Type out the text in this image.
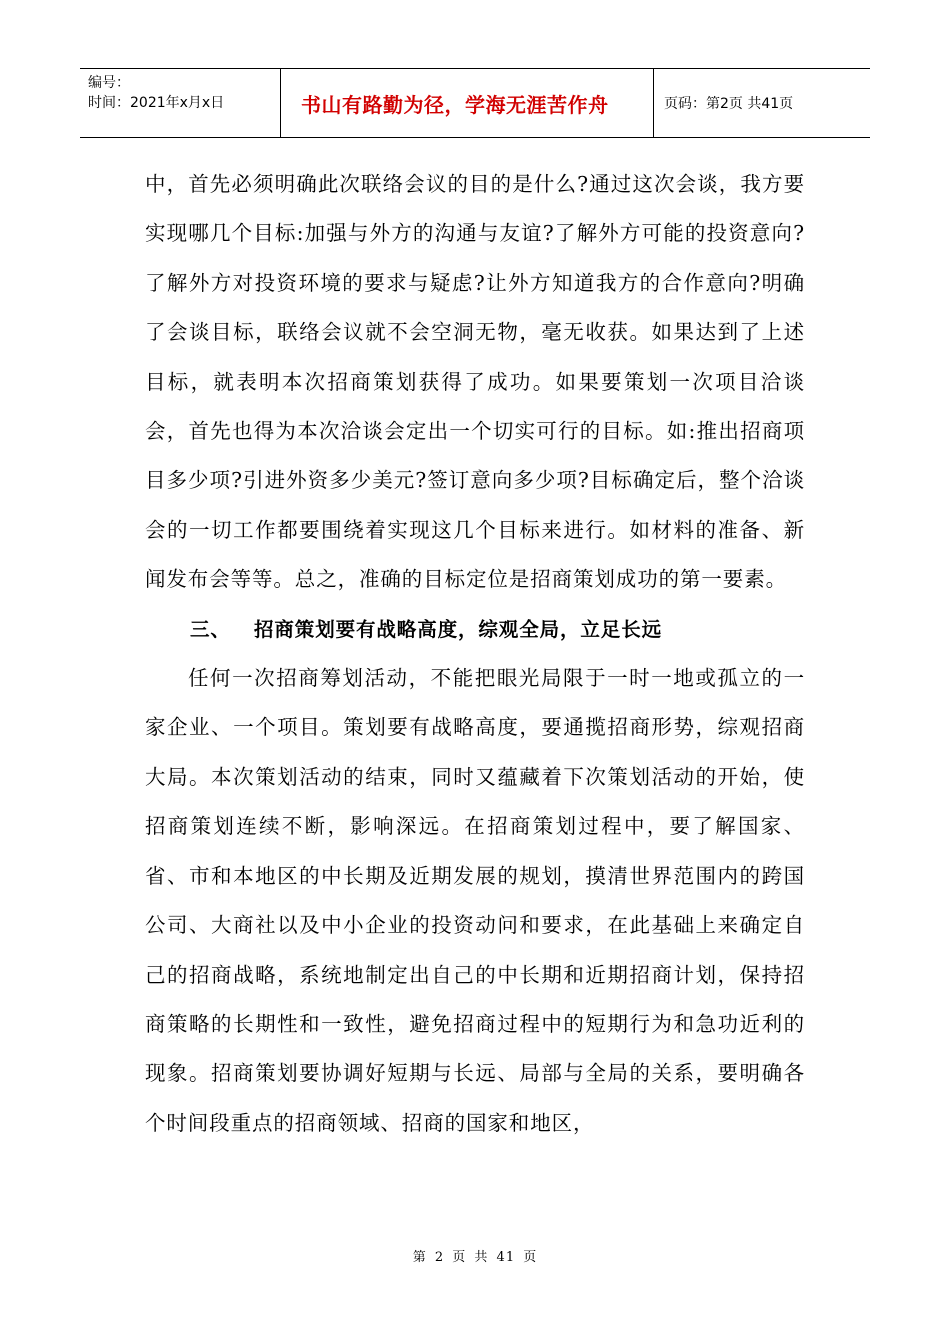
编号：
时间：2021年x月x日	书山有路勤为径，学海无涯苦作舟	页码：第2页 共41页

中，首先必须明确此次联络会议的目的是什么?通过这次会谈，我方要实现哪几个目标:加强与外方的沟通与友谊?了解外方可能的投资意向?了解外方对投资环境的要求与疑虑?让外方知道我方的合作意向?明确了会谈目标，联络会议就不会空洞无物，毫无收获。如果达到了上述目标，就表明本次招商策划获得了成功。如果要策划一次项目洽谈会，首先也得为本次洽谈会定出一个切实可行的目标。如:推出招商项目多少项?引进外资多少美元?签订意向多少项?目标确定后，整个洽谈会的一切工作都要围绕着实现这几个目标来进行。如材料的准备、新闻发布会等等。总之，准确的目标定位是招商策划成功的第一要素。

三、	招商策划要有战略高度，综观全局，立足长远

任何一次招商筹划活动，不能把眼光局限于一时一地或孤立的一家企业、一个项目。策划要有战略高度，要通揽招商形势，综观招商大局。本次策划活动的结束，同时又蕴藏着下次策划活动的开始，使招商策划连续不断，影响深远。在招商策划过程中，要了解国家、省、市和本地区的中长期及近期发展的规划，摸清世界范围内的跨国公司、大商社以及中小企业的投资动问和要求，在此基础上来确定自己的招商战略，系统地制定出自己的中长期和近期招商计划，保持招商策略的长期性和一致性，避免招商过程中的短期行为和急功近利的现象。招商策划要协调好短期与长远、局部与全局的关系，要明确各个时间段重点的招商领域、招商的国家和地区，

第 2 页 共 41 页
